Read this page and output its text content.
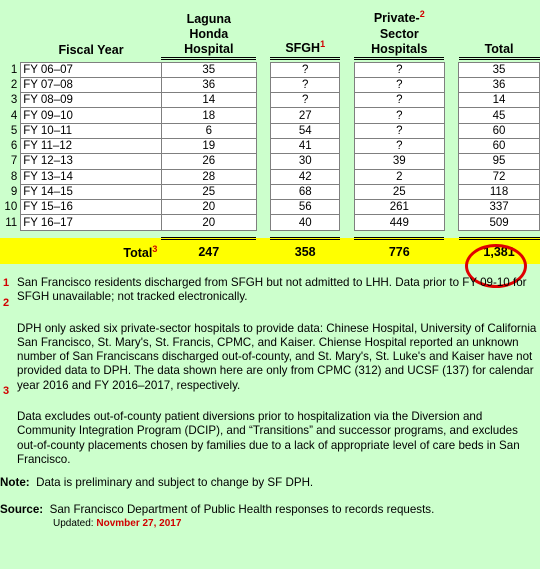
	Fiscal Year	Laguna
Honda
Hospital		SFGH$^1$		Private-$^2$
Sector
Hospitals		Total

1	FY 06–07	35		?		?		35
2	FY 07–08	36		?		?		36
3	FY 08–09	14		?		?		14
4	FY 09–10	18		27		?		45
5	FY 10–11	6		54		?		60
6	FY 11–12	19		41		?		60
7	FY 12–13	26		30		39		95
8	FY 13–14	28		42		2		72
9	FY 14–15	25		68		25		118
10	FY 15–16	20		56		261		337
11	FY 16–17	20		40		449		509

	Total$^3$	247		358		776		1,381
1 San Francisco residents discharged from SFGH but not admitted to LHH. Data prior to FY 09-10 for SFGH unavailable; not tracked electronically.
2
DPH only asked six private-sector hospitals to provide data: Chinese Hospital, University of California San Francisco, St. Mary's, St. Francis, CPMC, and Kaiser. Chiense Hospital reported an unknown number of San Franciscans discharged out-of-county, and St. Mary's, St. Luke's and Kaiser have not provided data to DPH. The data shown here are only from CPMC (312) and UCSF (137) for calendar year 2016 and FY 2016–2017, respectively.
3
Data excludes out-of-county patient diversions prior to hospitalization via the Diversion and Community Integration Program (DCIP), and “Transitions” and successor programs, and excludes out-of-county placements chosen by families due to a lack of appropriate level of care beds in San Francisco.

Note:  Data is preliminary and subject to change by SF DPH.

Source:  San Francisco Department of Public Health responses to records requests.

Updated: Novmber 27, 2017
